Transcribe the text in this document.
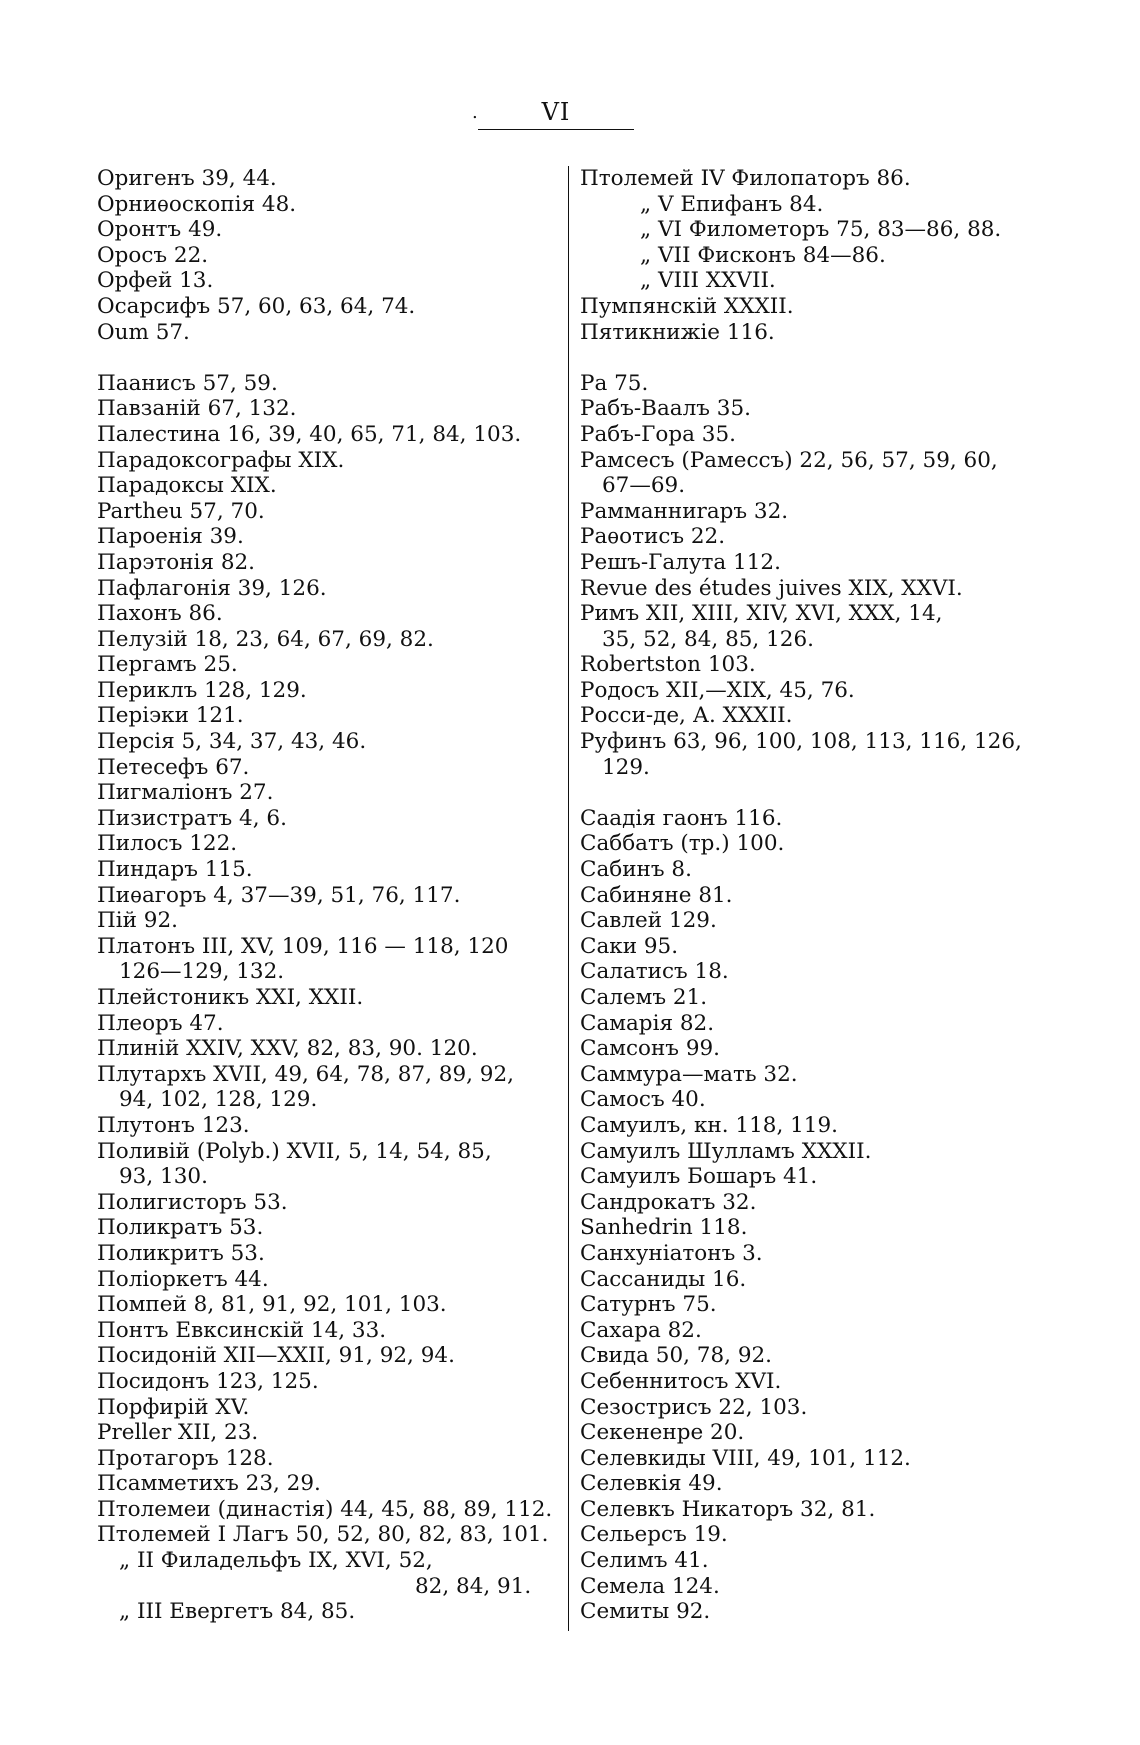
. VI
Оригенъ 39, 44.
Орниѳоскопія 48.
Оронтъ 49.
Оросъ 22.
Орфей 13.
Осарсифъ 57, 60, 63, 64, 74.
Oum 57.
Паанисъ 57, 59.
Павзаній 67, 132.
Палестина 16, 39, 40, 65, 71, 84, 103.
Парадоксографы XIX.
Парадоксы XIX.
Partheu 57, 70.
Пароенія 39.
Парэтонія 82.
Пафлагонія 39, 126.
Пахонъ 86.
Пелузій 18, 23, 64, 67, 69, 82.
Пергамъ 25.
Периклъ 128, 129.
Періэки 121.
Персія 5, 34, 37, 43, 46.
Петесефъ 67.
Пигмаліонъ 27.
Пизистратъ 4, 6.
Пилосъ 122.
Пиндаръ 115.
Пиѳагоръ 4, 37—39, 51, 76, 117.
Пій 92.
Платонъ III, XV, 109, 116 — 118, 120
126—129, 132.
Плейстоникъ XXI, XXII.
Плеоръ 47.
Плиній XXIV, XXV, 82, 83, 90. 120.
Плутархъ XVII, 49, 64, 78, 87, 89, 92,
94, 102, 128, 129.
Плутонъ 123.
Поливій (Polyb.) XVII, 5, 14, 54, 85,
93, 130.
Полигисторъ 53.
Поликратъ 53.
Поликритъ 53.
Поліоркетъ 44.
Помпей 8, 81, 91, 92, 101, 103.
Понтъ Евксинскій 14, 33.
Посидоній XII—XXII, 91, 92, 94.
Посидонъ 123, 125.
Порфирій XV.
Preller XII, 23.
Протагоръ 128.
Псамметихъ 23, 29.
Птолемеи (династія) 44, 45, 88, 89, 112.
Птолемей I Лагъ 50, 52, 80, 82, 83, 101.
„ II Филадельфъ IX, XVI, 52,
82, 84, 91.
„ III Евергетъ 84, 85.
Птолемей IV Филопаторъ 86.
„ V Епифанъ 84.
„ VI Филометоръ 75, 83—86, 88.
„ VII Фисконъ 84—86.
„ VIII XXVII.
Пумпянскій XXXII.
Пятикнижіе 116.
Ра 75.
Рабъ-Ваалъ 35.
Рабъ-Гора 35.
Рамсесъ (Рамессъ) 22, 56, 57, 59, 60,
67—69.
Рамманниraръ 32.
Раѳотисъ 22.
Решъ-Галута 112.
Revue des études juives XIX, XXVI.
Римъ XII, XIII, XIV, XVI, XXX, 14,
35, 52, 84, 85, 126.
Robertston 103.
Родосъ XII,—XIX, 45, 76.
Росси-де, А. XXXII.
Руфинъ 63, 96, 100, 108, 113, 116, 126,
129.
Саадія гаонъ 116.
Саббатъ (тр.) 100.
Сабинъ 8.
Сабиняне 81.
Савлей 129.
Саки 95.
Салатисъ 18.
Салемъ 21.
Самарія 82.
Самсонъ 99.
Саммура—мать 32.
Самосъ 40.
Самуилъ, кн. 118, 119.
Самуилъ Шулламъ XXXII.
Самуилъ Бошаръ 41.
Сандрокатъ 32.
Sanhedrin 118.
Санхуніатонъ 3.
Сассаниды 16.
Сатурнъ 75.
Сахара 82.
Свида 50, 78, 92.
Себеннитосъ XVI.
Сезострисъ 22, 103.
Секененре 20.
Селевкиды VIII, 49, 101, 112.
Селевкія 49.
Селевкъ Никаторъ 32, 81.
Сельерсъ 19.
Селимъ 41.
Семела 124.
Семиты 92.
